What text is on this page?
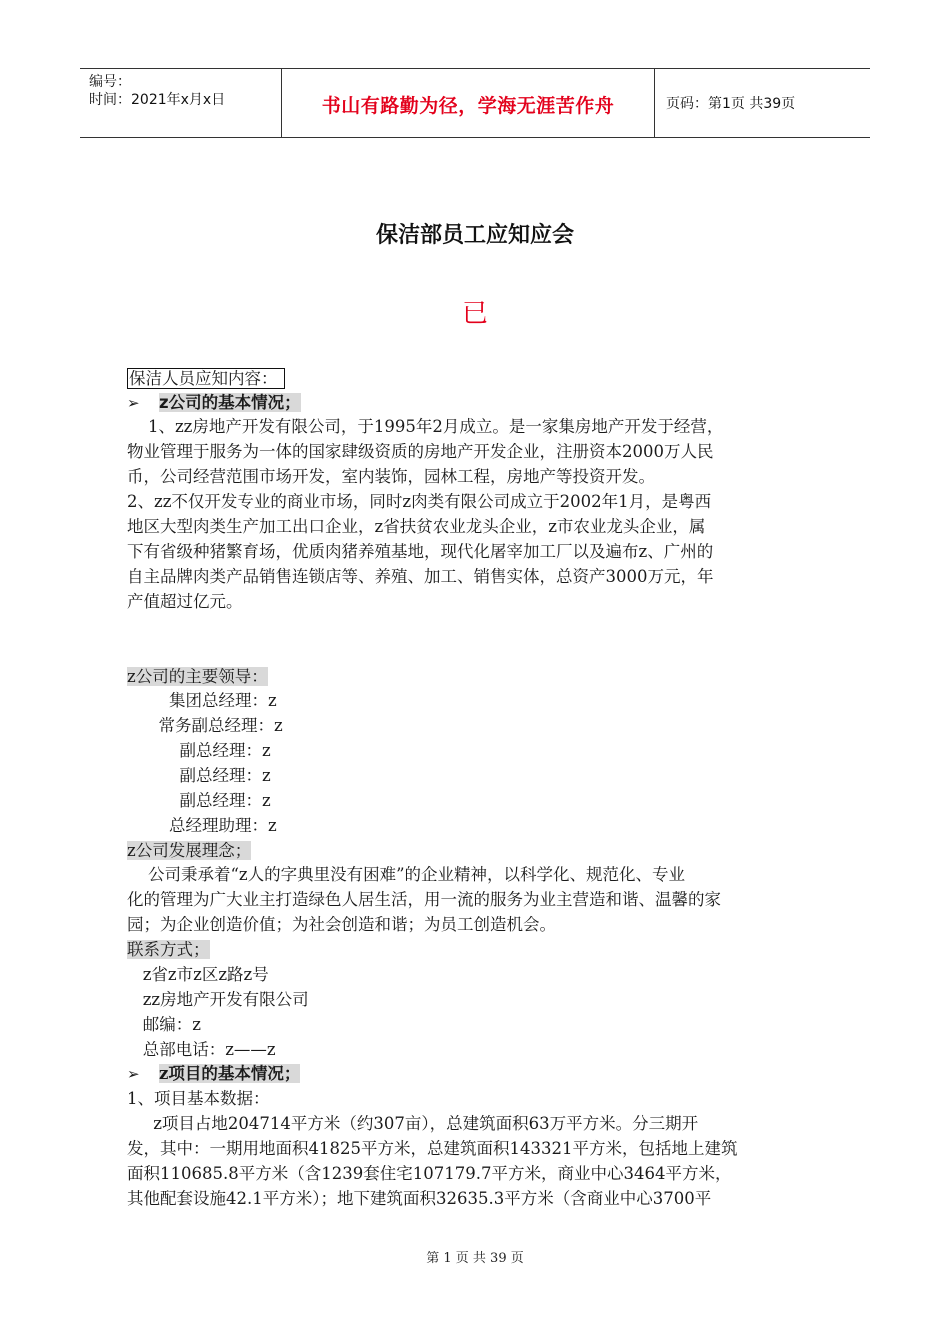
编号：
时间：2021年x月x日	书山有路勤为径，学海无涯苦作舟	页码：第1页 共39页
保洁部员工应知应会
已
保洁人员应知内容：
➢ z公司的基本情况；
1、zz房地产开发有限公司，于1995年2月成立。是一家集房地产开发于经营，
物业管理于服务为一体的国家肆级资质的房地产开发企业，注册资本2000万人民
币，公司经营范围市场开发，室内装饰，园林工程，房地产等投资开发。
2、zz不仅开发专业的商业市场，同时z肉类有限公司成立于2002年1月，是粤西
地区大型肉类生产加工出口企业，z省扶贫农业龙头企业，z市农业龙头企业，属
下有省级种猪繁育场，优质肉猪养殖基地，现代化屠宰加工厂以及遍布z、广州的
自主品牌肉类产品销售连锁店等、养殖、加工、销售实体，总资产3000万元，年
产值超过亿元。
z公司的主要领导：
集团总经理：z
常务副总经理：z
副总经理：z
副总经理：z
副总经理：z
总经理助理：z
z公司发展理念；
公司秉承着“z人的字典里没有困难”的企业精神，以科学化、规范化、专业
化的管理为广大业主打造绿色人居生活，用一流的服务为业主营造和谐、温馨的家
园；为企业创造价值；为社会创造和谐；为员工创造机会。
联系方式；
z省z市z区z路z号
zz房地产开发有限公司
邮编：z
总部电话：z——z
➢ z项目的基本情况；
1、项目基本数据：
z项目占地204714平方米（约307亩），总建筑面积63万平方米。分三期开
发，其中：一期用地面积41825平方米，总建筑面积143321平方米，包括地上建筑
面积110685.8平方米（含1239套住宅107179.7平方米，商业中心3464平方米，
其他配套设施42.1平方米）；地下建筑面积32635.3平方米（含商业中心3700平
第 1 页 共 39 页
